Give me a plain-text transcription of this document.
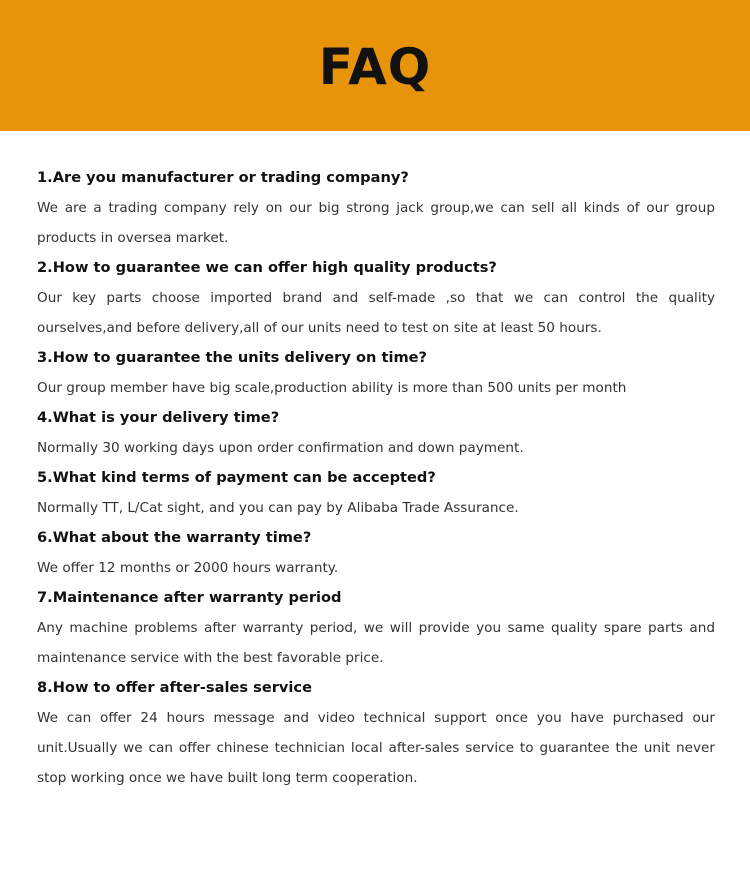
FAQ
1.Are you manufacturer or trading company?
We are a trading company rely on our big strong jack group,we can sell all kinds of our group products in oversea market.
2.How to guarantee we can offer high quality products?
Our key parts choose imported brand and self-made ,so that we can control the quality ourselves,and before delivery,all of our units need to test on site at least 50 hours.
3.How to guarantee the units delivery on time?
Our group member have big scale,production ability is more than 500 units per month
4.What is your delivery time?
Normally 30 working days upon order confirmation and down payment.
5.What kind terms of payment can be accepted?
Normally TT, L/Cat sight, and you can pay by Alibaba Trade Assurance.
6.What about the warranty time?
We offer 12 months or 2000 hours warranty.
7.Maintenance after warranty period
Any machine problems after warranty period, we will provide you same quality spare parts and maintenance service with the best favorable price.
8.How to offer after-sales service
We can offer 24 hours message and video technical support once you have purchased our unit.Usually we can offer chinese technician local after-sales service to guarantee the unit never stop working once we have built long term cooperation.
